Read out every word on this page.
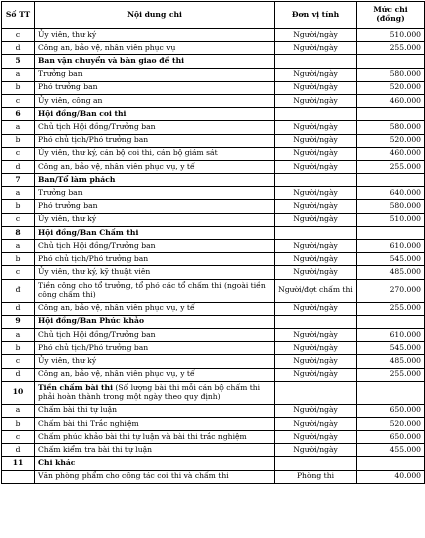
Số TT	Nội dung chi	Đơn vị tính	Mức chi (đồng)
c	Ủy viên, thư ký	Người/ngày	510.000
d	Công an, bảo vệ, nhân viên phục vụ	Người/ngày	255.000
5	Ban vận chuyển và bàn giao đề thi		
a	Trưởng ban	Người/ngày	580.000
b	Phó trưởng ban	Người/ngày	520.000
c	Ủy viên, công an	Người/ngày	460.000
6	Hội đồng/Ban coi thi		
a	Chủ tịch Hội đồng/Trưởng ban	Người/ngày	580.000
b	Phó chủ tịch/Phó trưởng ban	Người/ngày	520.000
c	Ủy viên, thư ký, cán bộ coi thi, cán bộ giám sát	Người/ngày	460.000
d	Công an, bảo vệ, nhân viên phục vụ, y tế	Người/ngày	255.000
7	Ban/Tổ làm phách		
a	Trưởng ban	Người/ngày	640.000
b	Phó trưởng ban	Người/ngày	580.000
c	Ủy viên, thư ký	Người/ngày	510.000
8	Hội đồng/Ban Chấm thi		
a	Chủ tịch Hội đồng/Trưởng ban	Người/ngày	610.000
b	Phó chủ tịch/Phó trưởng ban	Người/ngày	545.000
c	Ủy viên, thư ký, kỹ thuật viên	Người/ngày	485.000
đ	Tiền công cho tổ trưởng, tổ phó các tổ chấm thi (ngoài tiền công chấm thi)	Người/đợt chấm thi	270.000
d	Công an, bảo vệ, nhân viên phục vụ, y tế	Người/ngày	255.000
9	Hội đồng/Ban Phúc khảo		
a	Chủ tịch Hội đồng/Trưởng ban	Người/ngày	610.000
b	Phó chủ tịch/Phó trưởng ban	Người/ngày	545.000
c	Ủy viên, thư ký	Người/ngày	485.000
d	Công an, bảo vệ, nhân viên phục vụ, y tế	Người/ngày	255.000
10	Tiền chấm bài thi (Số lượng bài thi mỗi cán bộ chấm thi phải hoàn thành trong một ngày theo quy định)		
a	Chấm bài thi tự luận	Người/ngày	650.000
b	Chấm bài thi Trắc nghiệm	Người/ngày	520.000
c	Chấm phúc khảo bài thi tự luận và bài thi trắc nghiệm	Người/ngày	650.000
d	Chấm kiểm tra bài thi tự luận	Người/ngày	455.000
11	Chi khác		
	Văn phòng phẩm cho công tác coi thi và chấm thi	Phòng thi	40.000
